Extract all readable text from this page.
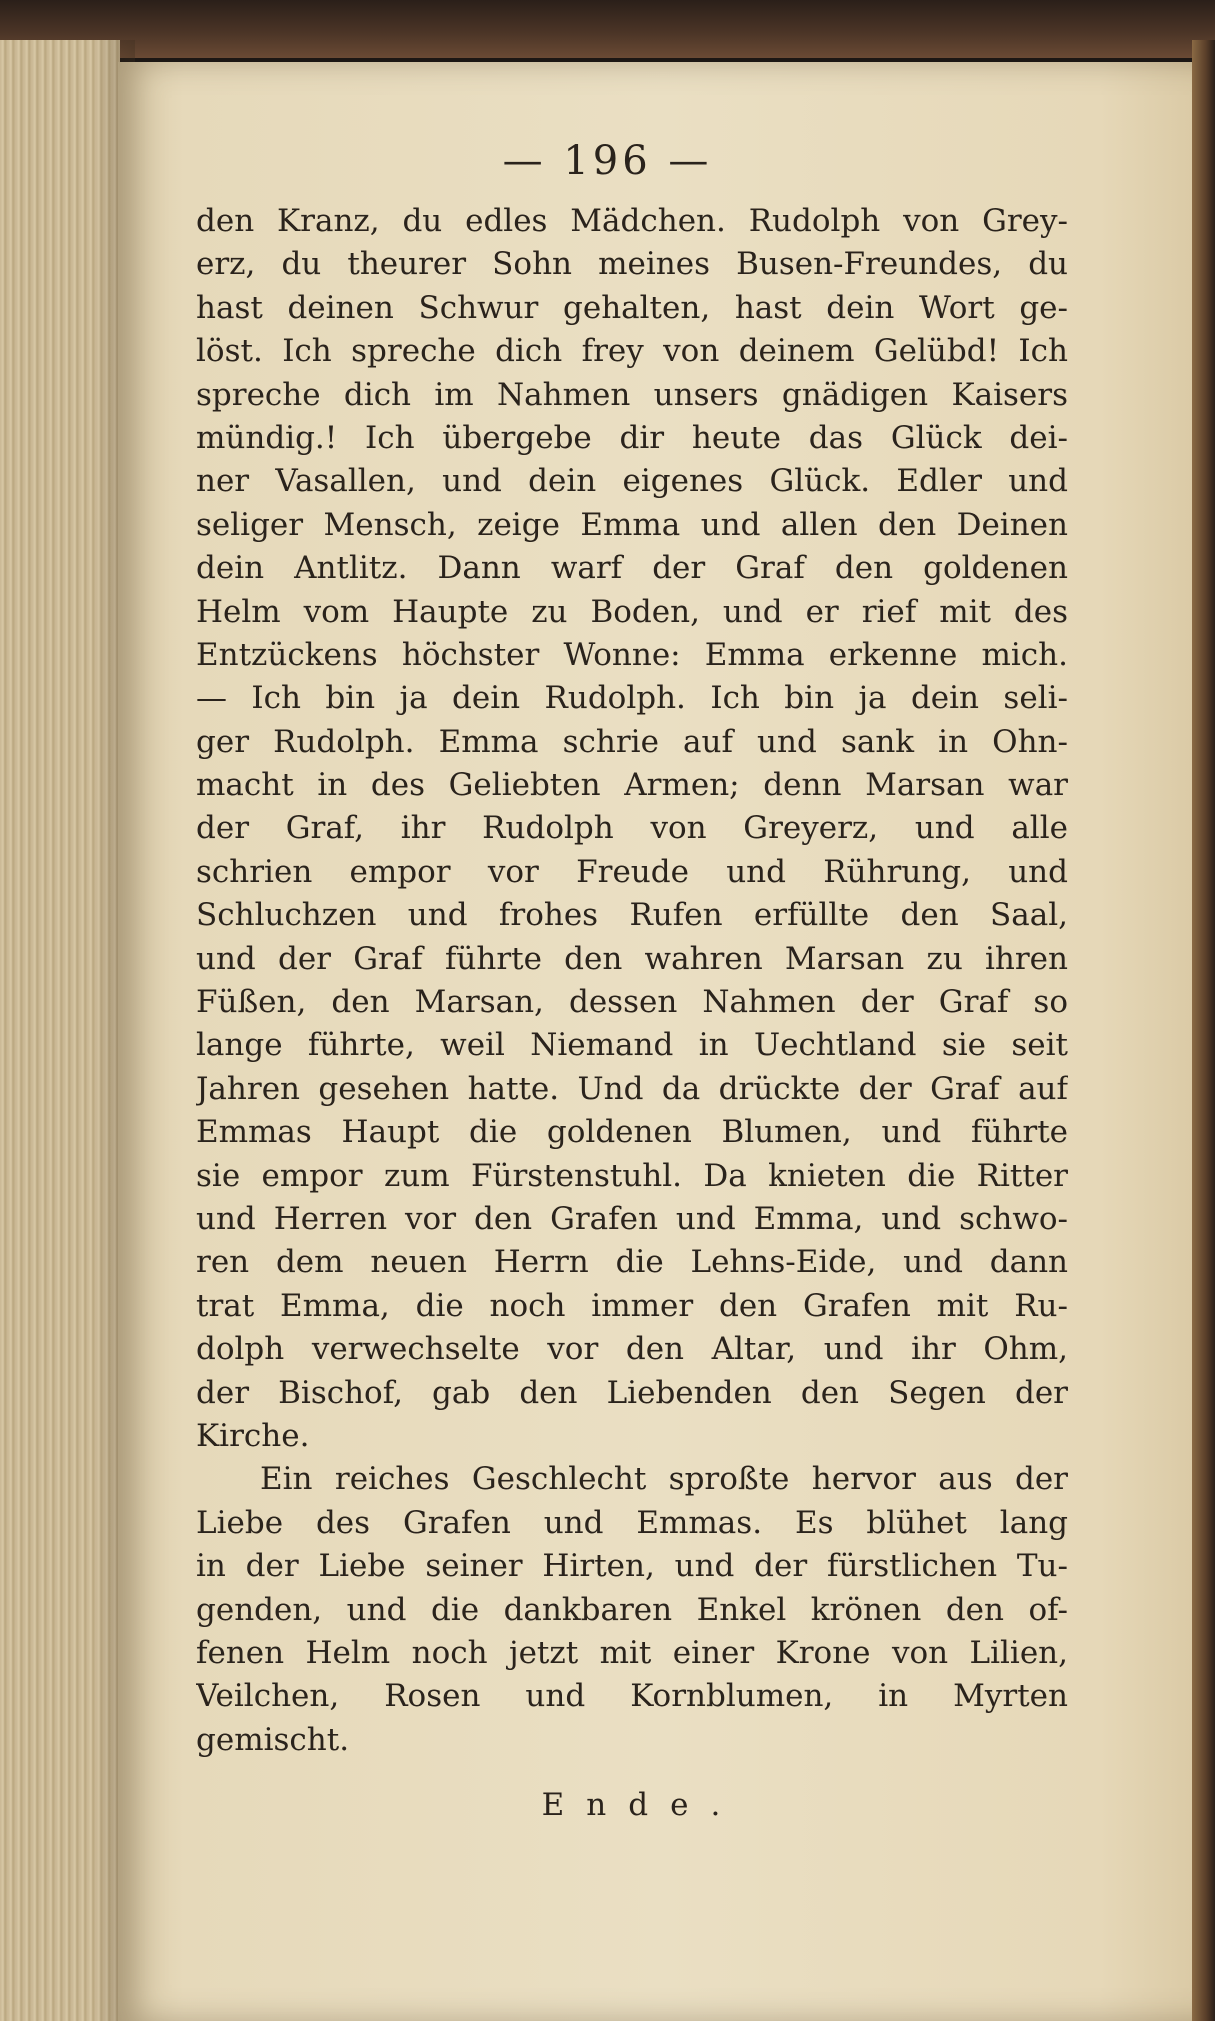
— 196 —
den Kranz, du edles Mädchen. Rudolph von Grey-
erz, du theurer Sohn meines Busen-Freundes, du
hast deinen Schwur gehalten, hast dein Wort ge-
löst. Ich spreche dich frey von deinem Gelübd! Ich
spreche dich im Nahmen unsers gnädigen Kaisers
mündig.! Ich übergebe dir heute das Glück dei-
ner Vasallen, und dein eigenes Glück. Edler und
seliger Mensch, zeige Emma und allen den Deinen
dein Antlitz. Dann warf der Graf den goldenen
Helm vom Haupte zu Boden, und er rief mit des
Entzückens höchster Wonne: Emma erkenne mich.
— Ich bin ja dein Rudolph. Ich bin ja dein seli-
ger Rudolph. Emma schrie auf und sank in Ohn-
macht in des Geliebten Armen; denn Marsan war
der Graf, ihr Rudolph von Greyerz, und alle
schrien empor vor Freude und Rührung, und
Schluchzen und frohes Rufen erfüllte den Saal,
und der Graf führte den wahren Marsan zu ihren
Füßen, den Marsan, dessen Nahmen der Graf so
lange führte, weil Niemand in Uechtland sie seit
Jahren gesehen hatte. Und da drückte der Graf auf
Emmas Haupt die goldenen Blumen, und führte
sie empor zum Fürstenstuhl. Da knieten die Ritter
und Herren vor den Grafen und Emma, und schwo-
ren dem neuen Herrn die Lehns-Eide, und dann
trat Emma, die noch immer den Grafen mit Ru-
dolph verwechselte vor den Altar, und ihr Ohm,
der Bischof, gab den Liebenden den Segen der
Kirche.
Ein reiches Geschlecht sproßte hervor aus der
Liebe des Grafen und Emmas. Es blühet lang
in der Liebe seiner Hirten, und der fürstlichen Tu-
genden, und die dankbaren Enkel krönen den of-
fenen Helm noch jetzt mit einer Krone von Lilien,
Veilchen, Rosen und Kornblumen, in Myrten
gemischt.
Ende.
